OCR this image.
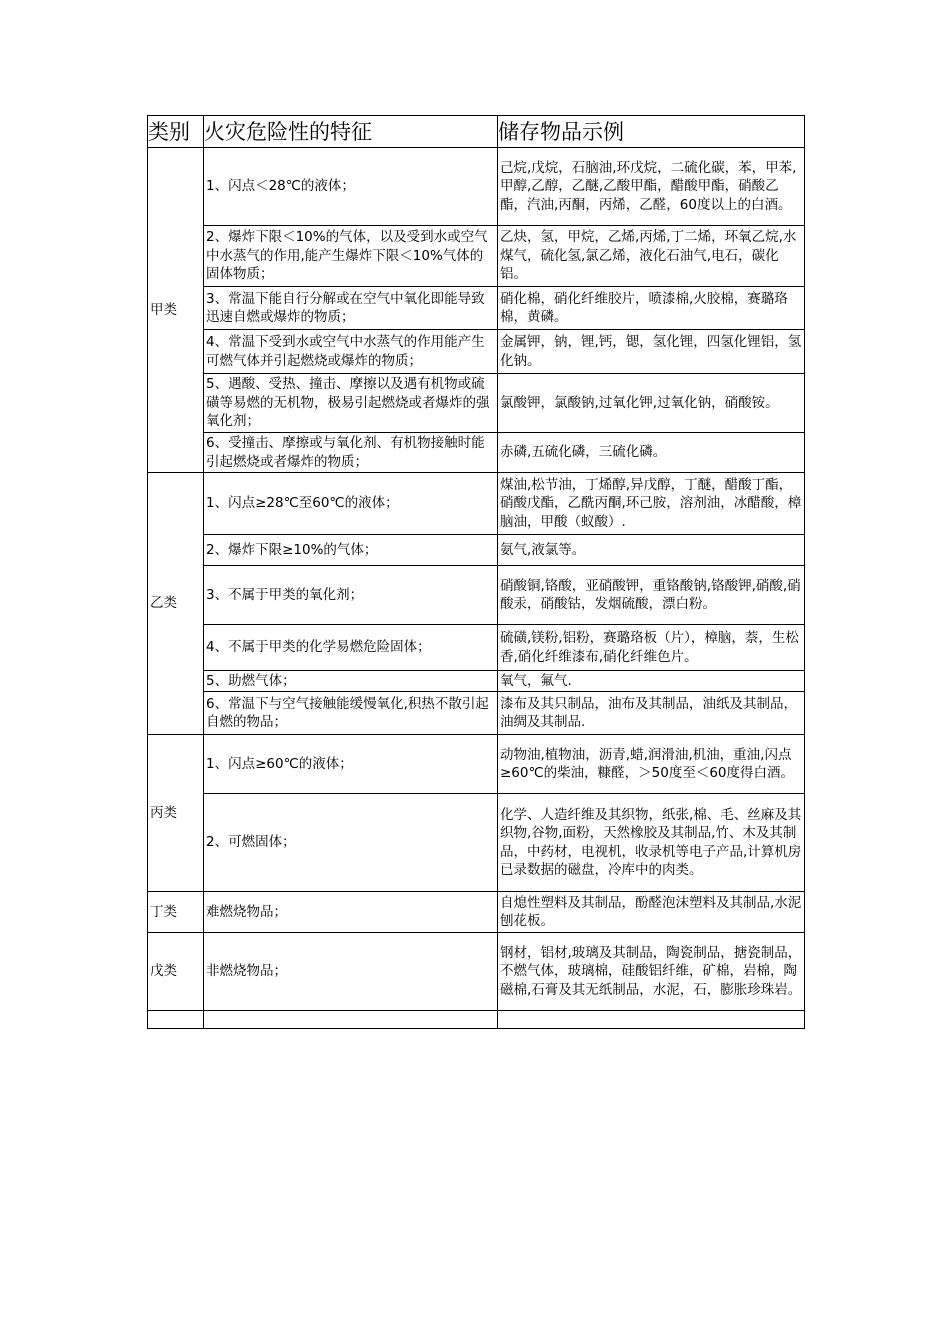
类别	火灾危险性的特征	储存物品示例
甲类	1、闪点＜28℃的液体；	己烷,戊烷，石脑油,环戊烷，二硫化碳，苯，甲苯,甲醇,乙醇，乙醚,乙酸甲酯，醋酸甲酯，硝酸乙酯，汽油,丙酮，丙烯，乙醛，60度以上的白酒。
	2、爆炸下限＜10%的气体，以及受到水或空气中水蒸气的作用,能产生爆炸下限＜10%气体的固体物质；	乙炔，氢，甲烷，乙烯,丙烯,丁二烯，环氧乙烷,水煤气，硫化氢,氯乙烯，液化石油气,电石，碳化铝。
	3、常温下能自行分解或在空气中氧化即能导致迅速自燃或爆炸的物质；	硝化棉，硝化纤维胶片，喷漆棉,火胶棉，赛璐珞棉，黄磷。
	4、常温下受到水或空气中水蒸气的作用能产生可燃气体并引起燃烧或爆炸的物质；	金属钾，钠，锂,钙，锶，氢化锂，四氢化锂铝，氢化钠。
	5、遇酸、受热、撞击、摩擦以及遇有机物或硫磺等易燃的无机物，极易引起燃烧或者爆炸的强氧化剂；	氯酸钾，氯酸钠,过氧化钾,过氧化钠，硝酸铵。
	6、受撞击、摩擦或与氧化剂、有机物接触时能引起燃烧或者爆炸的物质；	赤磷,五硫化磷，三硫化磷。
乙类	1、闪点≥28℃至60℃的液体；	煤油,松节油，丁烯醇,异戊醇，丁醚，醋酸丁酯，硝酸戊酯，乙酰丙酮,环己胺，溶剂油，冰醋酸，樟脑油，甲酸（蚁酸）.
	2、爆炸下限≥10%的气体；	氨气,液氯等。
	3、不属于甲类的氧化剂；	硝酸铜,铬酸，亚硝酸钾，重铬酸钠,铬酸钾,硝酸,硝酸汞，硝酸钴，发烟硫酸，漂白粉。
	4、不属于甲类的化学易燃危险固体；	硫磺,镁粉,铝粉，赛璐珞板（片），樟脑，萘，生松香,硝化纤维漆布,硝化纤维色片。
	5、助燃气体；	氧气，氟气.
	6、常温下与空气接触能缓慢氧化,积热不散引起自燃的物品；	漆布及其只制品，油布及其制品，油纸及其制品，油绸及其制品.
丙类	1、闪点≥60℃的液体；	动物油,植物油，沥青,蜡,润滑油,机油，重油,闪点≥60℃的柴油，糠醛，＞50度至＜60度得白酒。
	2、可燃固体；	化学、人造纤维及其织物，纸张,棉、毛、丝麻及其织物,谷物,面粉，天然橡胶及其制品,竹、木及其制品，中药材，电视机，收录机等电子产品,计算机房已录数据的磁盘，冷库中的肉类。
丁类	难燃烧物品；	自熄性塑料及其制品，酚醛泡沫塑料及其制品,水泥刨花板。
戊类	非燃烧物品；	钢材，铝材,玻璃及其制品，陶瓷制品，搪瓷制品，不燃气体，玻璃棉，硅酸铝纤维，矿棉，岩棉，陶磁棉,石膏及其无纸制品，水泥，石，膨胀珍珠岩。
